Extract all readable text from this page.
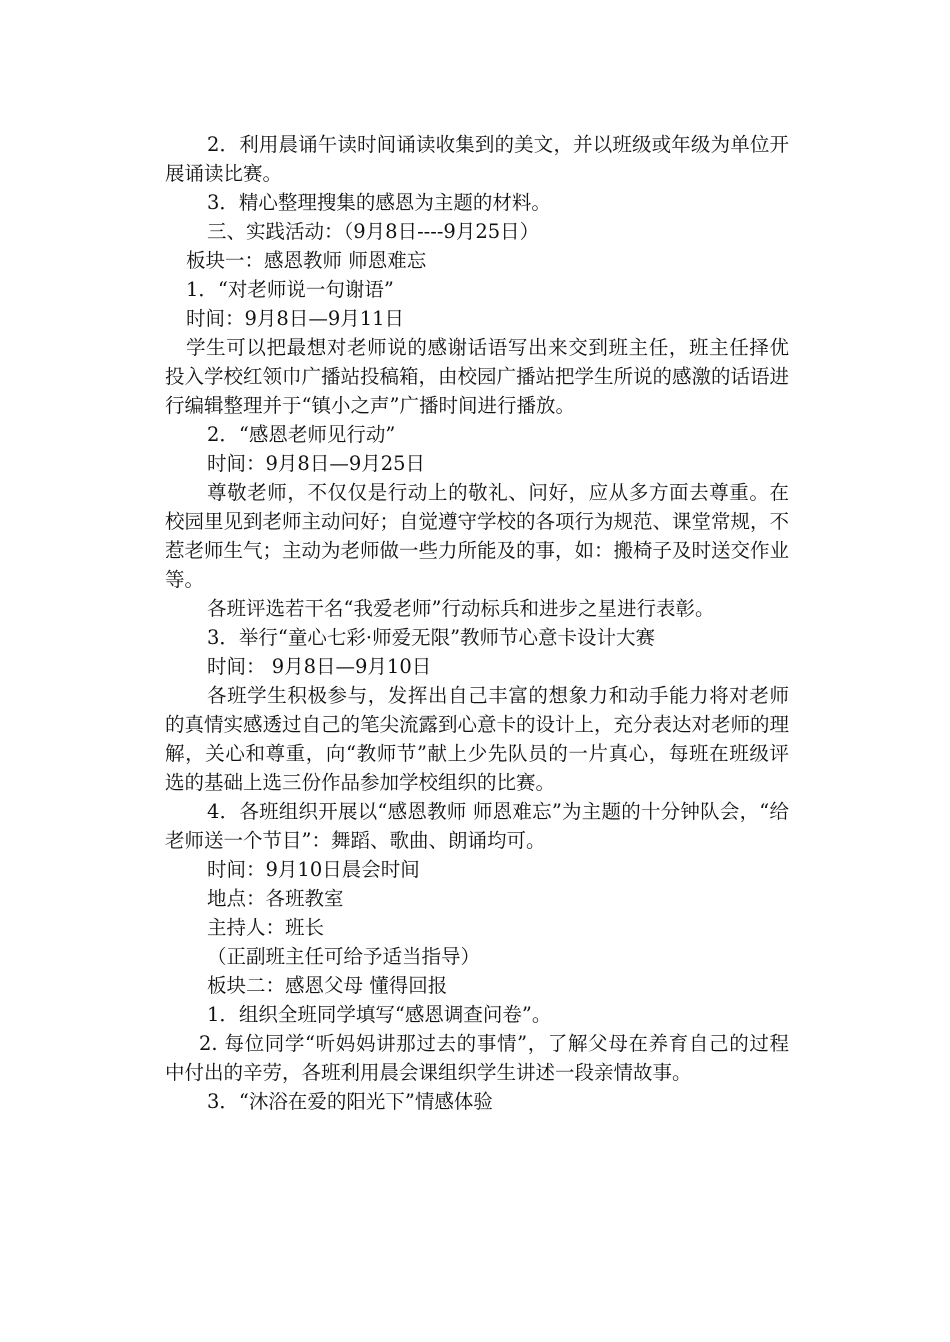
2．利用晨诵午读时间诵读收集到的美文，并以班级或年级为单位开展诵读比赛。

3．精心整理搜集的感恩为主题的材料。

三、实践活动：（9月8日----9月25日）

板块一：感恩教师 师恩难忘

1．“对老师说一句谢语”

时间：9月8日—9月11日

学生可以把最想对老师说的感谢话语写出来交到班主任，班主任择优投入学校红领巾广播站投稿箱，由校园广播站把学生所说的感激的话语进行编辑整理并于“镇小之声”广播时间进行播放。

2．“感恩老师见行动”

时间：9月8日—9月25日

尊敬老师，不仅仅是行动上的敬礼、问好，应从多方面去尊重。在校园里见到老师主动问好；自觉遵守学校的各项行为规范、课堂常规，不惹老师生气；主动为老师做一些力所能及的事，如：搬椅子及时送交作业等。

各班评选若干名“我爱老师”行动标兵和进步之星进行表彰。

3．举行“童心七彩·师爱无限”教师节心意卡设计大赛

时间： 9月8日—9月10日

各班学生积极参与，发挥出自己丰富的想象力和动手能力将对老师的真情实感透过自己的笔尖流露到心意卡的设计上，充分表达对老师的理解，关心和尊重，向“教师节”献上少先队员的一片真心，每班在班级评选的基础上选三份作品参加学校组织的比赛。

4．各班组织开展以“感恩教师 师恩难忘”为主题的十分钟队会，“给老师送一个节目”：舞蹈、歌曲、朗诵均可。

时间：9月10日晨会时间

地点：各班教室

主持人：班长

（正副班主任可给予适当指导）

板块二：感恩父母 懂得回报

1．组织全班同学填写“感恩调查问卷”。

2. 每位同学“听妈妈讲那过去的事情”，了解父母在养育自己的过程中付出的辛劳，各班利用晨会课组织学生讲述一段亲情故事。

3．“沐浴在爱的阳光下”情感体验
